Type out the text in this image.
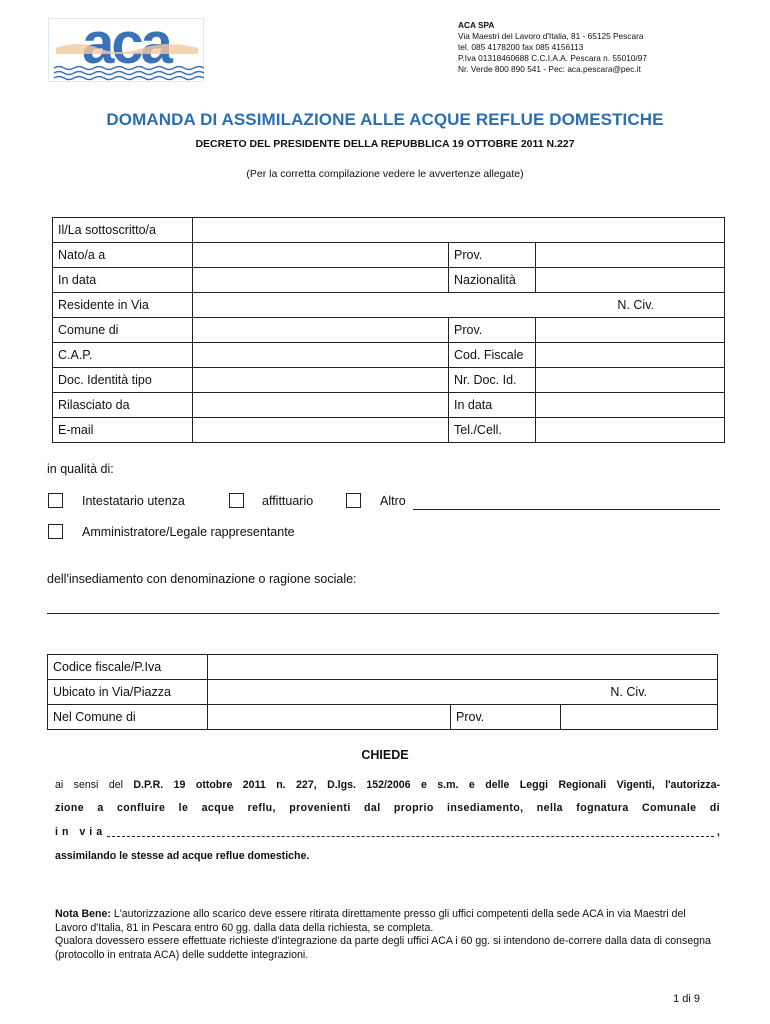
aca	ACA SPA
Via Maestri del Lavoro d'Italia, 81 - 65125 Pescara
tel. 085 4178200 fax 085 4156113
P.Iva 01318460688 C.C.I.A.A. Pescara n. 55010/97
Nr. Verde 800 890 541 - Pec: aca.pescara@pec.it
DOMANDA DI ASSIMILAZIONE ALLE ACQUE REFLUE DOMESTICHE
DECRETO DEL PRESIDENTE DELLA REPUBBLICA 19 OTTOBRE 2011 N.227
(Per la corretta compilazione vedere le avvertenze allegate)
Il/La sottoscritto/a			
Nato/a a		Prov.	
In data		Nazionalità	
Residente in Via	N. Civ.		
Comune di		Prov.	
C.A.P.		Cod. Fiscale	
Doc. Identità tipo		Nr. Doc. Id.	
Rilasciato da		In data	
E-mail		Tel./Cell.	
in qualità di:
Intestatario utenza	affittuario	Altro
Amministratore/Legale rappresentante
dell'insediamento con denominazione o ragione sociale:
Codice fiscale/P.Iva			
Ubicato in Via/Piazza	N. Civ.		
Nel Comune di		Prov.	
CHIEDE
ai sensi del D.P.R. 19 ottobre 2011 n. 227, D.lgs. 152/2006 e s.m. e delle Leggi Regionali Vigenti, l'autorizza-
zione a confluire le acque reflu, provenienti dal proprio insediamento, nella fognatura Comunale di
in via	,
assimilando le stesse ad acque reflue domestiche.
Nota Bene: L'autorizzazione allo scarico deve essere ritirata direttamente presso gli uffici competenti della sede ACA in via Maestri del Lavoro d'Italia, 81 in Pescara entro 60 gg. dalla data della richiesta, se completa.
Qualora dovessero essere effettuate richieste d'integrazione da parte degli uffici ACA i 60 gg. si intendono de-correre dalla data di consegna (protocollo in entrata ACA) delle suddette integrazioni.
1 di 9
